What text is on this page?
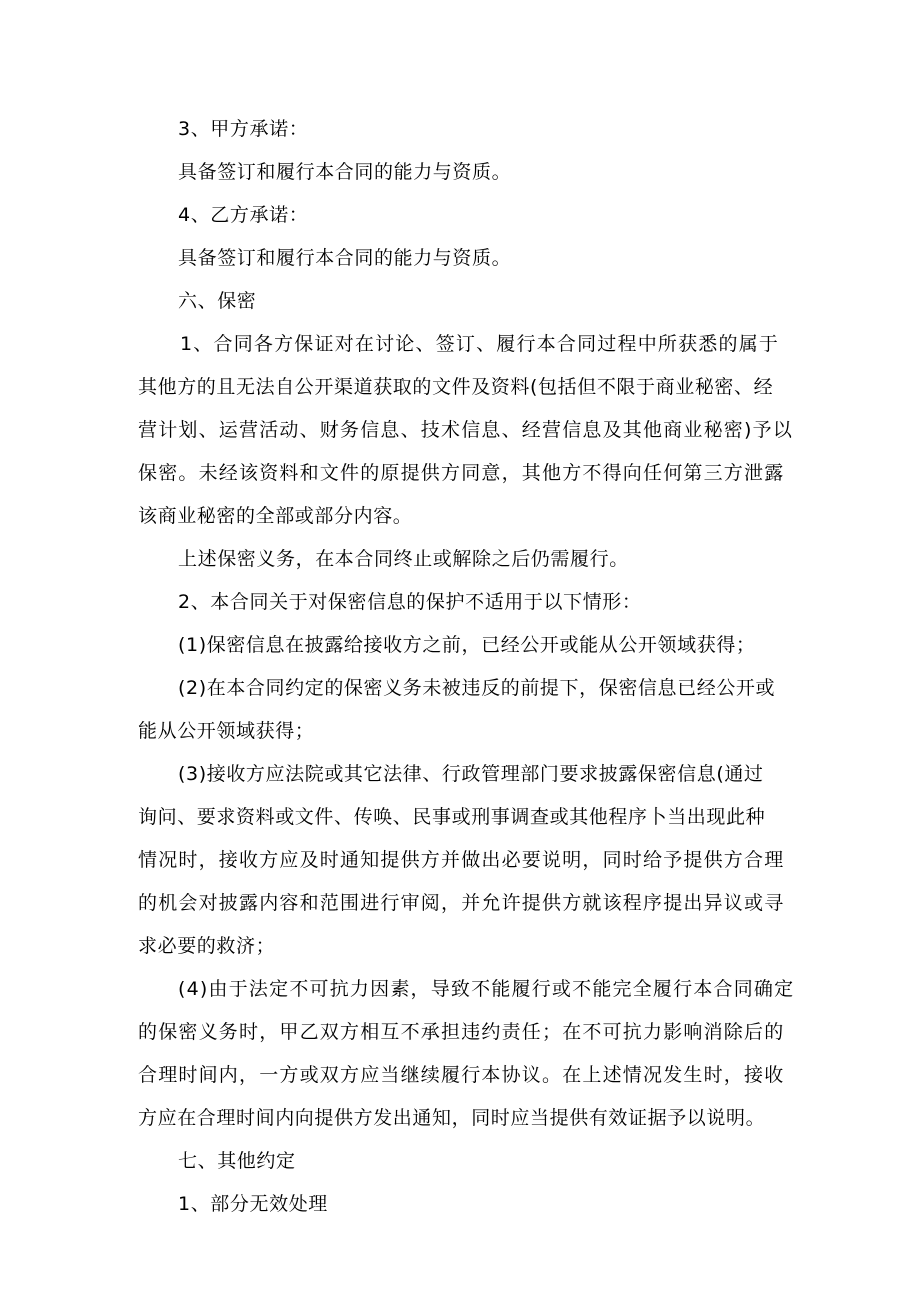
3、甲方承诺：
具备签订和履行本合同的能力与资质。
4、乙方承诺：
具备签订和履行本合同的能力与资质。
六、保密
1、合同各方保证对在讨论、签订、履行本合同过程中所获悉的属于
其他方的且无法自公开渠道获取的文件及资料(包括但不限于商业秘密、经
营计划、运营活动、财务信息、技术信息、经营信息及其他商业秘密)予以
保密。未经该资料和文件的原提供方同意，其他方不得向任何第三方泄露
该商业秘密的全部或部分内容。
上述保密义务，在本合同终止或解除之后仍需履行。
2、本合同关于对保密信息的保护不适用于以下情形：
(1)保密信息在披露给接收方之前，已经公开或能从公开领域获得；
(2)在本合同约定的保密义务未被违反的前提下，保密信息已经公开或
能从公开领域获得；
(3)接收方应法院或其它法律、行政管理部门要求披露保密信息(通过
询问、要求资料或文件、传唤、民事或刑事调查或其他程序卜当出现此种
情况时，接收方应及时通知提供方并做出必要说明，同时给予提供方合理
的机会对披露内容和范围进行审阅，并允许提供方就该程序提出异议或寻
求必要的救济；
(4)由于法定不可抗力因素，导致不能履行或不能完全履行本合同确定
的保密义务时，甲乙双方相互不承担违约责任；在不可抗力影响消除后的
合理时间内，一方或双方应当继续履行本协议。在上述情况发生时，接收
方应在合理时间内向提供方发出通知，同时应当提供有效证据予以说明。
七、其他约定
1、部分无效处理
